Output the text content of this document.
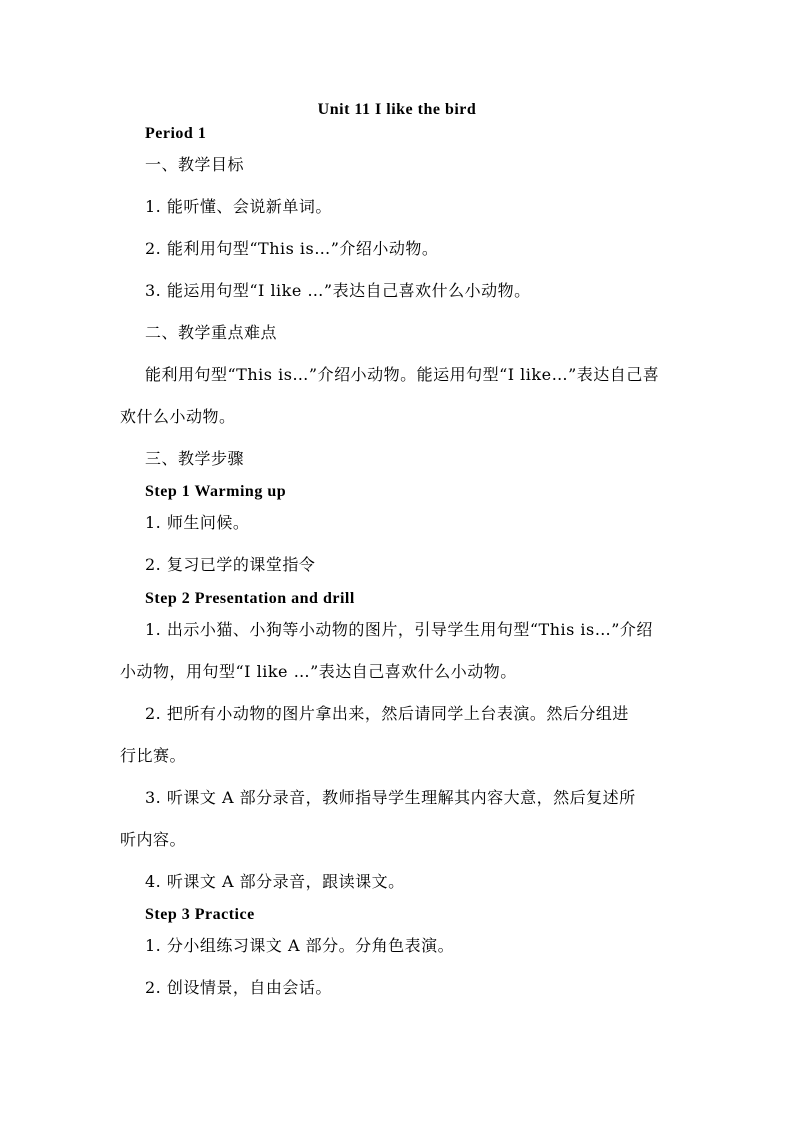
Unit 11 I like the bird
Period 1
一、教学目标
1. 能听懂、会说新单词。
2. 能利用句型“This is…”介绍小动物。
3. 能运用句型“I like …”表达自己喜欢什么小动物。
二、教学重点难点
能利用句型“This is…”介绍小动物。能运用句型“I like…”表达自己喜
欢什么小动物。
三、教学步骤
Step 1 Warming up
1. 师生问候。
2. 复习已学的课堂指令
Step 2 Presentation and drill
1. 出示小猫、小狗等小动物的图片，引导学生用句型“This is…”介绍
小动物，用句型“I like …”表达自己喜欢什么小动物。
2. 把所有小动物的图片拿出来，然后请同学上台表演。然后分组进
行比赛。
3. 听课文 A 部分录音，教师指导学生理解其内容大意，然后复述所
听内容。
4. 听课文 A 部分录音，跟读课文。
Step 3 Practice
1. 分小组练习课文 A 部分。分角色表演。
2. 创设情景，自由会话。
